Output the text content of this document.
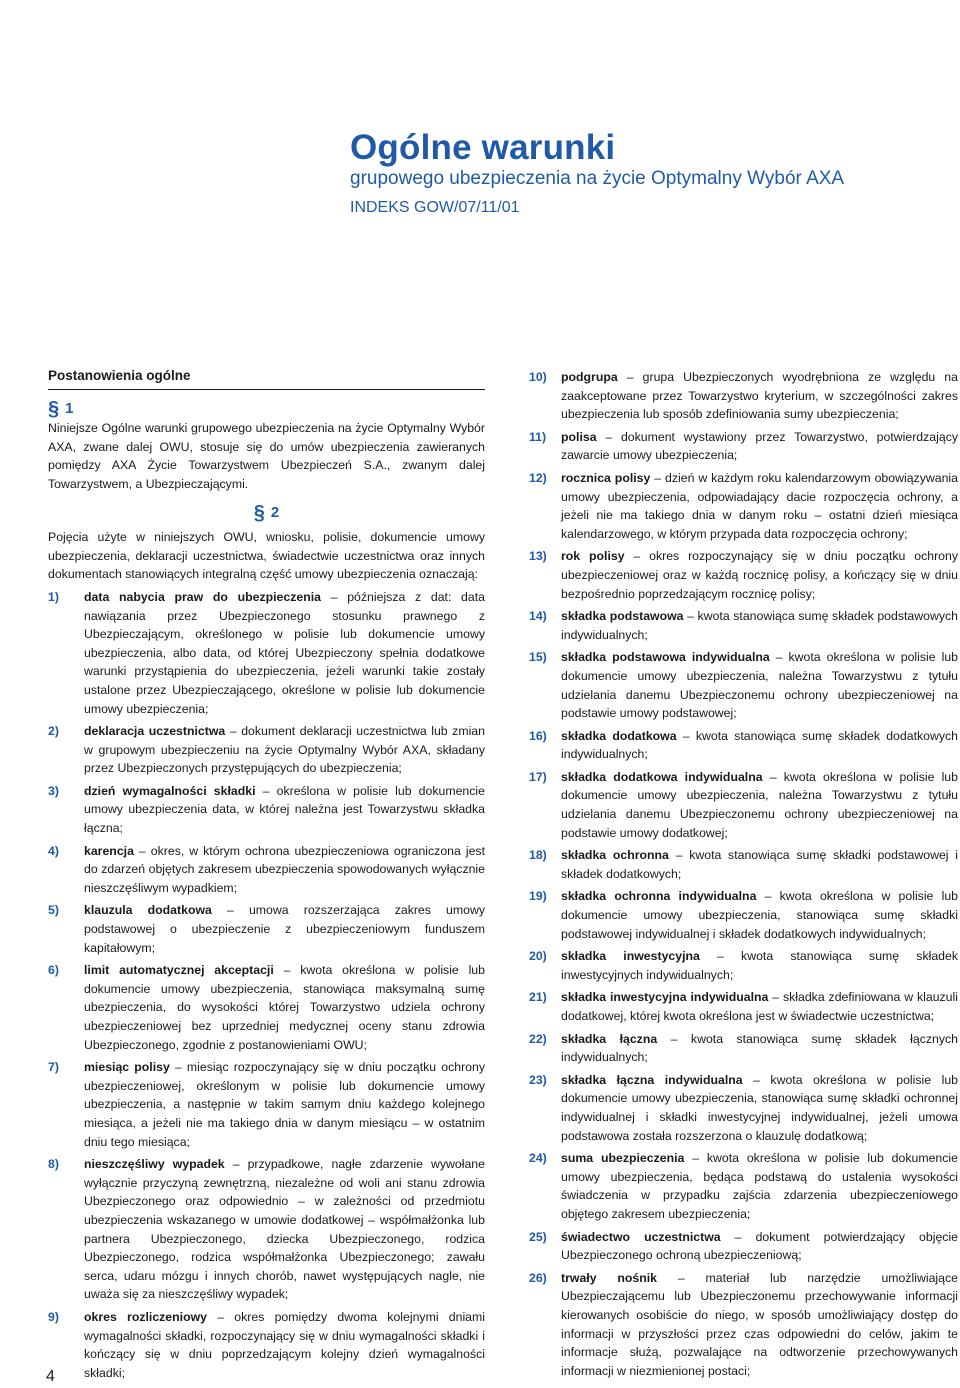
Ogólne warunki
grupowego ubezpieczenia na życie Optymalny Wybór AXA
INDEKS GOW/07/11/01
Postanowienia ogólne
§ 1

Niniejsze Ogólne warunki grupowego ubezpieczenia na życie Optymalny Wybór AXA, zwane dalej OWU, stosuje się do umów ubezpieczenia zawieranych pomiędzy AXA Życie Towarzystwem Ubezpieczeń S.A., zwanym dalej Towarzystwem, a Ubezpieczającymi.

§ 2

Pojęcia użyte w niniejszych OWU, wniosku, polisie, dokumencie umowy ubezpieczenia, deklaracji uczestnictwa, świadectwie uczestnictwa oraz innych dokumentach stanowiących integralną część umowy ubezpieczenia oznaczają:

1)	data nabycia praw do ubezpieczenia – późniejsza z dat: data nawiązania przez Ubezpieczonego stosunku prawnego z Ubezpieczającym, określonego w polisie lub dokumencie umowy ubezpieczenia, albo data, od której Ubezpieczony spełnia dodatkowe warunki przystąpienia do ubezpieczenia, jeżeli warunki takie zostały ustalone przez Ubezpieczającego, określone w polisie lub dokumencie umowy ubezpieczenia;
2)	deklaracja uczestnictwa – dokument deklaracji uczestnictwa lub zmian w grupowym ubezpieczeniu na życie Optymalny Wybór AXA, składany przez Ubezpieczonych przystępujących do ubezpieczenia;
3)	dzień wymagalności składki – określona w polisie lub dokumencie umowy ubezpieczenia data, w której należna jest Towarzystwu składka łączna;
4)	karencja – okres, w którym ochrona ubezpieczeniowa ograniczona jest do zdarzeń objętych zakresem ubezpieczenia spowodowanych wyłącznie nieszczęśliwym wypadkiem;
5)	klauzula dodatkowa – umowa rozszerzająca zakres umowy podstawowej o ubezpieczenie z ubezpieczeniowym funduszem kapitałowym;
6)	limit automatycznej akceptacji – kwota określona w polisie lub dokumencie umowy ubezpieczenia, stanowiąca maksymalną sumę ubezpieczenia, do wysokości której Towarzystwo udziela ochrony ubezpieczeniowej bez uprzedniej medycznej oceny stanu zdrowia Ubezpieczonego, zgodnie z postanowieniami OWU;
7)	miesiąc polisy – miesiąc rozpoczynający się w dniu początku ochrony ubezpieczeniowej, określonym w polisie lub dokumencie umowy ubezpieczenia, a następnie w takim samym dniu każdego kolejnego miesiąca, a jeżeli nie ma takiego dnia w danym miesiącu – w ostatnim dniu tego miesiąca;
8)	nieszczęśliwy wypadek – przypadkowe, nagłe zdarzenie wywołane wyłącznie przyczyną zewnętrzną, niezależne od woli ani stanu zdrowia Ubezpieczonego oraz odpowiednio – w zależności od przedmiotu ubezpieczenia wskazanego w umowie dodatkowej – współmałżonka lub partnera Ubezpieczonego, dziecka Ubezpieczonego, rodzica Ubezpieczonego, rodzica współmałżonka Ubezpieczonego; zawału serca, udaru mózgu i innych chorób, nawet występujących nagle, nie uważa się za nieszczęśliwy wypadek;
9)	okres rozliczeniowy – okres pomiędzy dwoma kolejnymi dniami wymagalności składki, rozpoczynający się w dniu wymagalności składki i kończący się w dniu poprzedzającym kolejny dzień wymagalności składki;
10)	podgrupa – grupa Ubezpieczonych wyodrębniona ze względu na zaakceptowane przez Towarzystwo kryterium, w szczególności zakres ubezpieczenia lub sposób zdefiniowania sumy ubezpieczenia;
11)	polisa – dokument wystawiony przez Towarzystwo, potwierdzający zawarcie umowy ubezpieczenia;
12)	rocznica polisy – dzień w każdym roku kalendarzowym obowiązywania umowy ubezpieczenia, odpowiadający dacie rozpoczęcia ochrony, a jeżeli nie ma takiego dnia w danym roku – ostatni dzień miesiąca kalendarzowego, w którym przypada data rozpoczęcia ochrony;
13)	rok polisy – okres rozpoczynający się w dniu początku ochrony ubezpieczeniowej oraz w każdą rocznicę polisy, a kończący się w dniu bezpośrednio poprzedzającym rocznicę polisy;
14)	składka podstawowa – kwota stanowiąca sumę składek podstawowych indywidualnych;
15)	składka podstawowa indywidualna – kwota określona w polisie lub dokumencie umowy ubezpieczenia, należna Towarzystwu z tytułu udzielania danemu Ubezpieczonemu ochrony ubezpieczeniowej na podstawie umowy podstawowej;
16)	składka dodatkowa – kwota stanowiąca sumę składek dodatkowych indywidualnych;
17)	składka dodatkowa indywidualna – kwota określona w polisie lub dokumencie umowy ubezpieczenia, należna Towarzystwu z tytułu udzielania danemu Ubezpieczonemu ochrony ubezpieczeniowej na podstawie umowy dodatkowej;
18)	składka ochronna – kwota stanowiąca sumę składki podstawowej i składek dodatkowych;
19)	składka ochronna indywidualna – kwota określona w polisie lub dokumencie umowy ubezpieczenia, stanowiąca sumę składki podstawowej indywidualnej i składek dodatkowych indywidualnych;
20)	składka inwestycyjna – kwota stanowiąca sumę składek inwestycyjnych indywidualnych;
21)	składka inwestycyjna indywidualna – składka zdefiniowana w klauzuli dodatkowej, której kwota określona jest w świadectwie uczestnictwa;
22)	składka łączna – kwota stanowiąca sumę składek łącznych indywidualnych;
23)	składka łączna indywidualna – kwota określona w polisie lub dokumencie umowy ubezpieczenia, stanowiąca sumę składki ochronnej indywidualnej i składki inwestycyjnej indywidualnej, jeżeli umowa podstawowa została rozszerzona o klauzulę dodatkową;
24)	suma ubezpieczenia – kwota określona w polisie lub dokumencie umowy ubezpieczenia, będąca podstawą do ustalenia wysokości świadczenia w przypadku zajścia zdarzenia ubezpieczeniowego objętego zakresem ubezpieczenia;
25)	świadectwo uczestnictwa – dokument potwierdzający objęcie Ubezpieczonego ochroną ubezpieczeniową;
26)	trwały nośnik – materiał lub narzędzie umożliwiające Ubezpieczającemu lub Ubezpieczonemu przechowywanie informacji kierowanych osobiście do niego, w sposób umożliwiający dostęp do informacji w przyszłości przez czas odpowiedni do celów, jakim te informacje służą, pozwalające na odtworzenie przechowywanych informacji w niezmienionej postaci;
4
